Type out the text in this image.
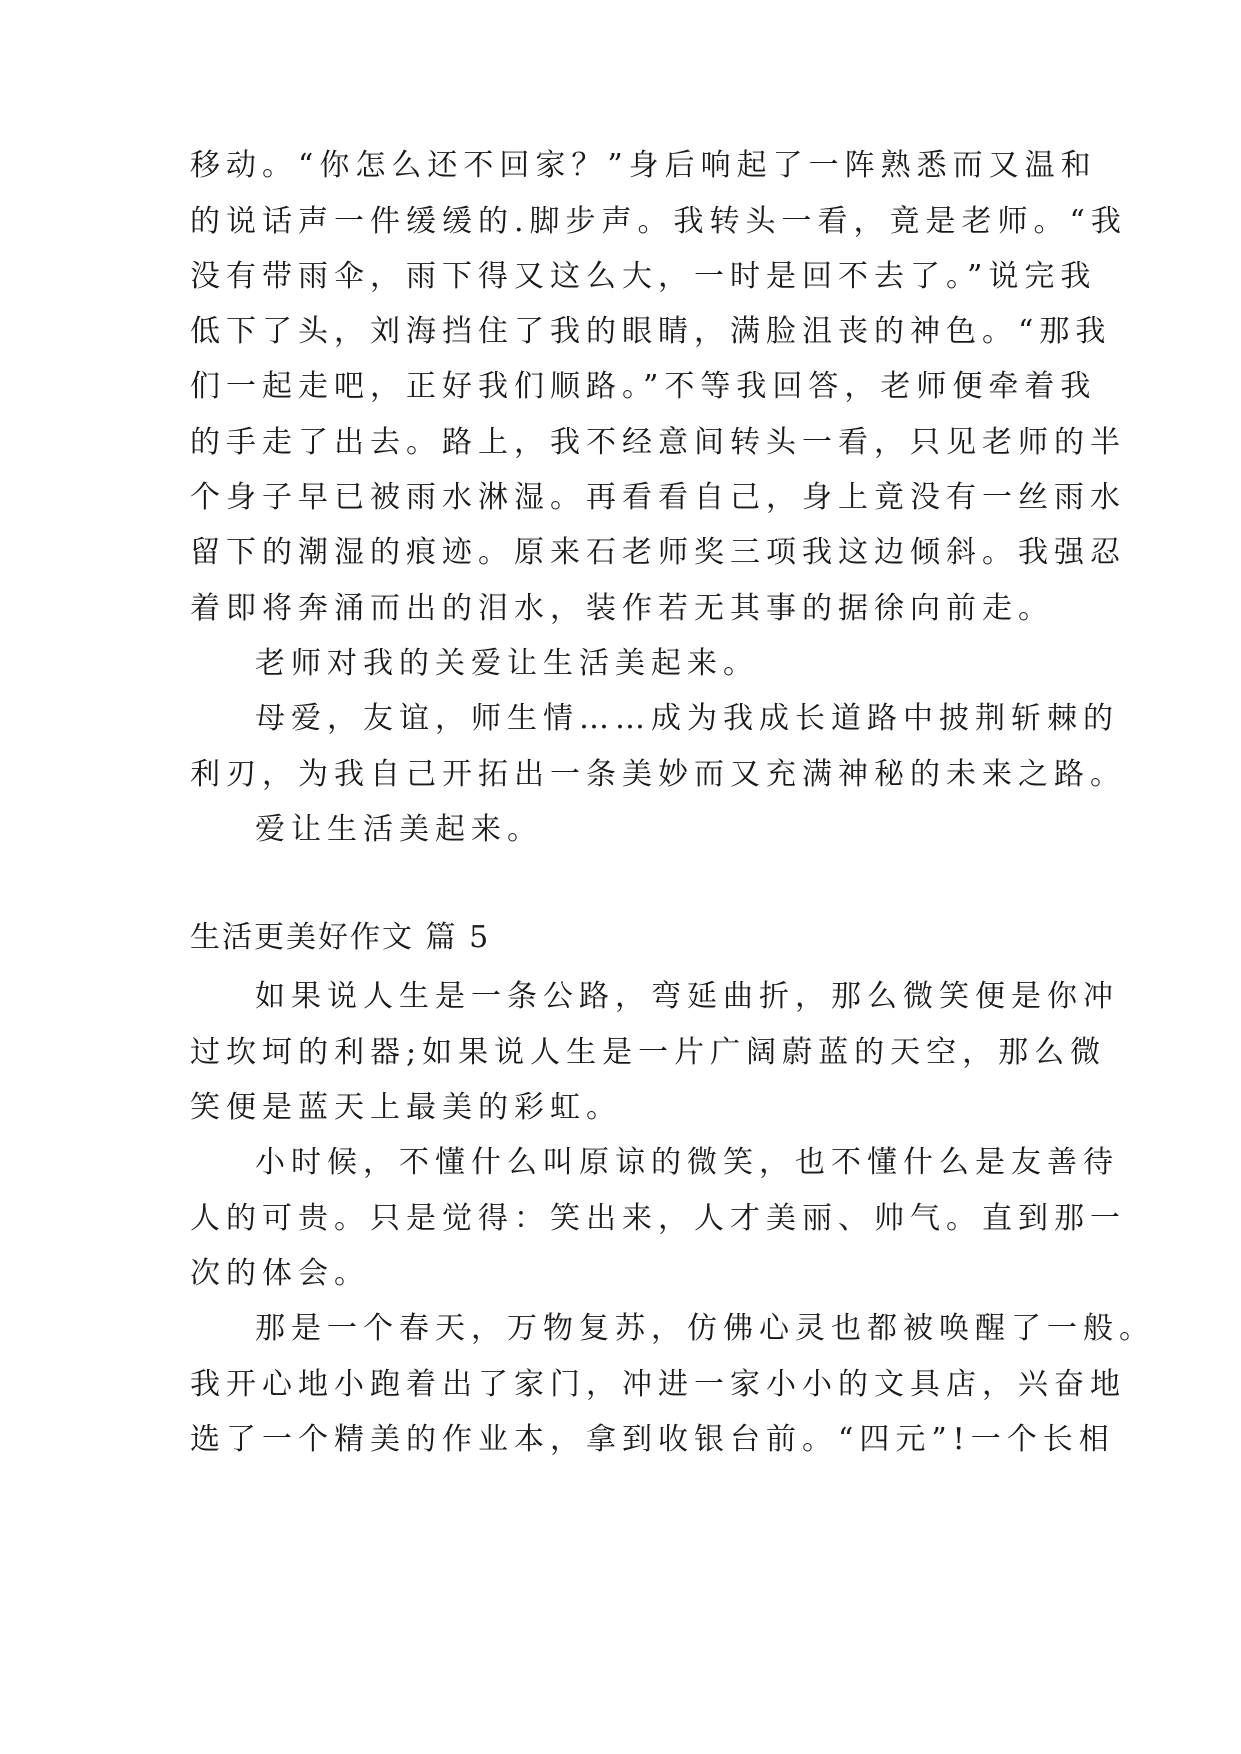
移动。“你怎么还不回家？”身后响起了一阵熟悉而又温和
的说话声一件缓缓的.脚步声。我转头一看，竟是老师。“我
没有带雨伞，雨下得又这么大，一时是回不去了。”说完我
低下了头，刘海挡住了我的眼睛，满脸沮丧的神色。“那我
们一起走吧，正好我们顺路。”不等我回答，老师便牵着我
的手走了出去。路上，我不经意间转头一看，只见老师的半
个身子早已被雨水淋湿。再看看自己，身上竟没有一丝雨水
留下的潮湿的痕迹。原来石老师奖三项我这边倾斜。我强忍
着即将奔涌而出的泪水，装作若无其事的据徐向前走。
老师对我的关爱让生活美起来。
母爱，友谊，师生情……成为我成长道路中披荆斩棘的
利刃，为我自己开拓出一条美妙而又充满神秘的未来之路。
爱让生活美起来。
生活更美好作文 篇 5
如果说人生是一条公路，弯延曲折，那么微笑便是你冲
过坎坷的利器;如果说人生是一片广阔蔚蓝的天空，那么微
笑便是蓝天上最美的彩虹。
小时候，不懂什么叫原谅的微笑，也不懂什么是友善待
人的可贵。只是觉得：笑出来，人才美丽、帅气。直到那一
次的体会。
那是一个春天，万物复苏，仿佛心灵也都被唤醒了一般。
我开心地小跑着出了家门，冲进一家小小的文具店，兴奋地
选了一个精美的作业本，拿到收银台前。“四元”!一个长相
